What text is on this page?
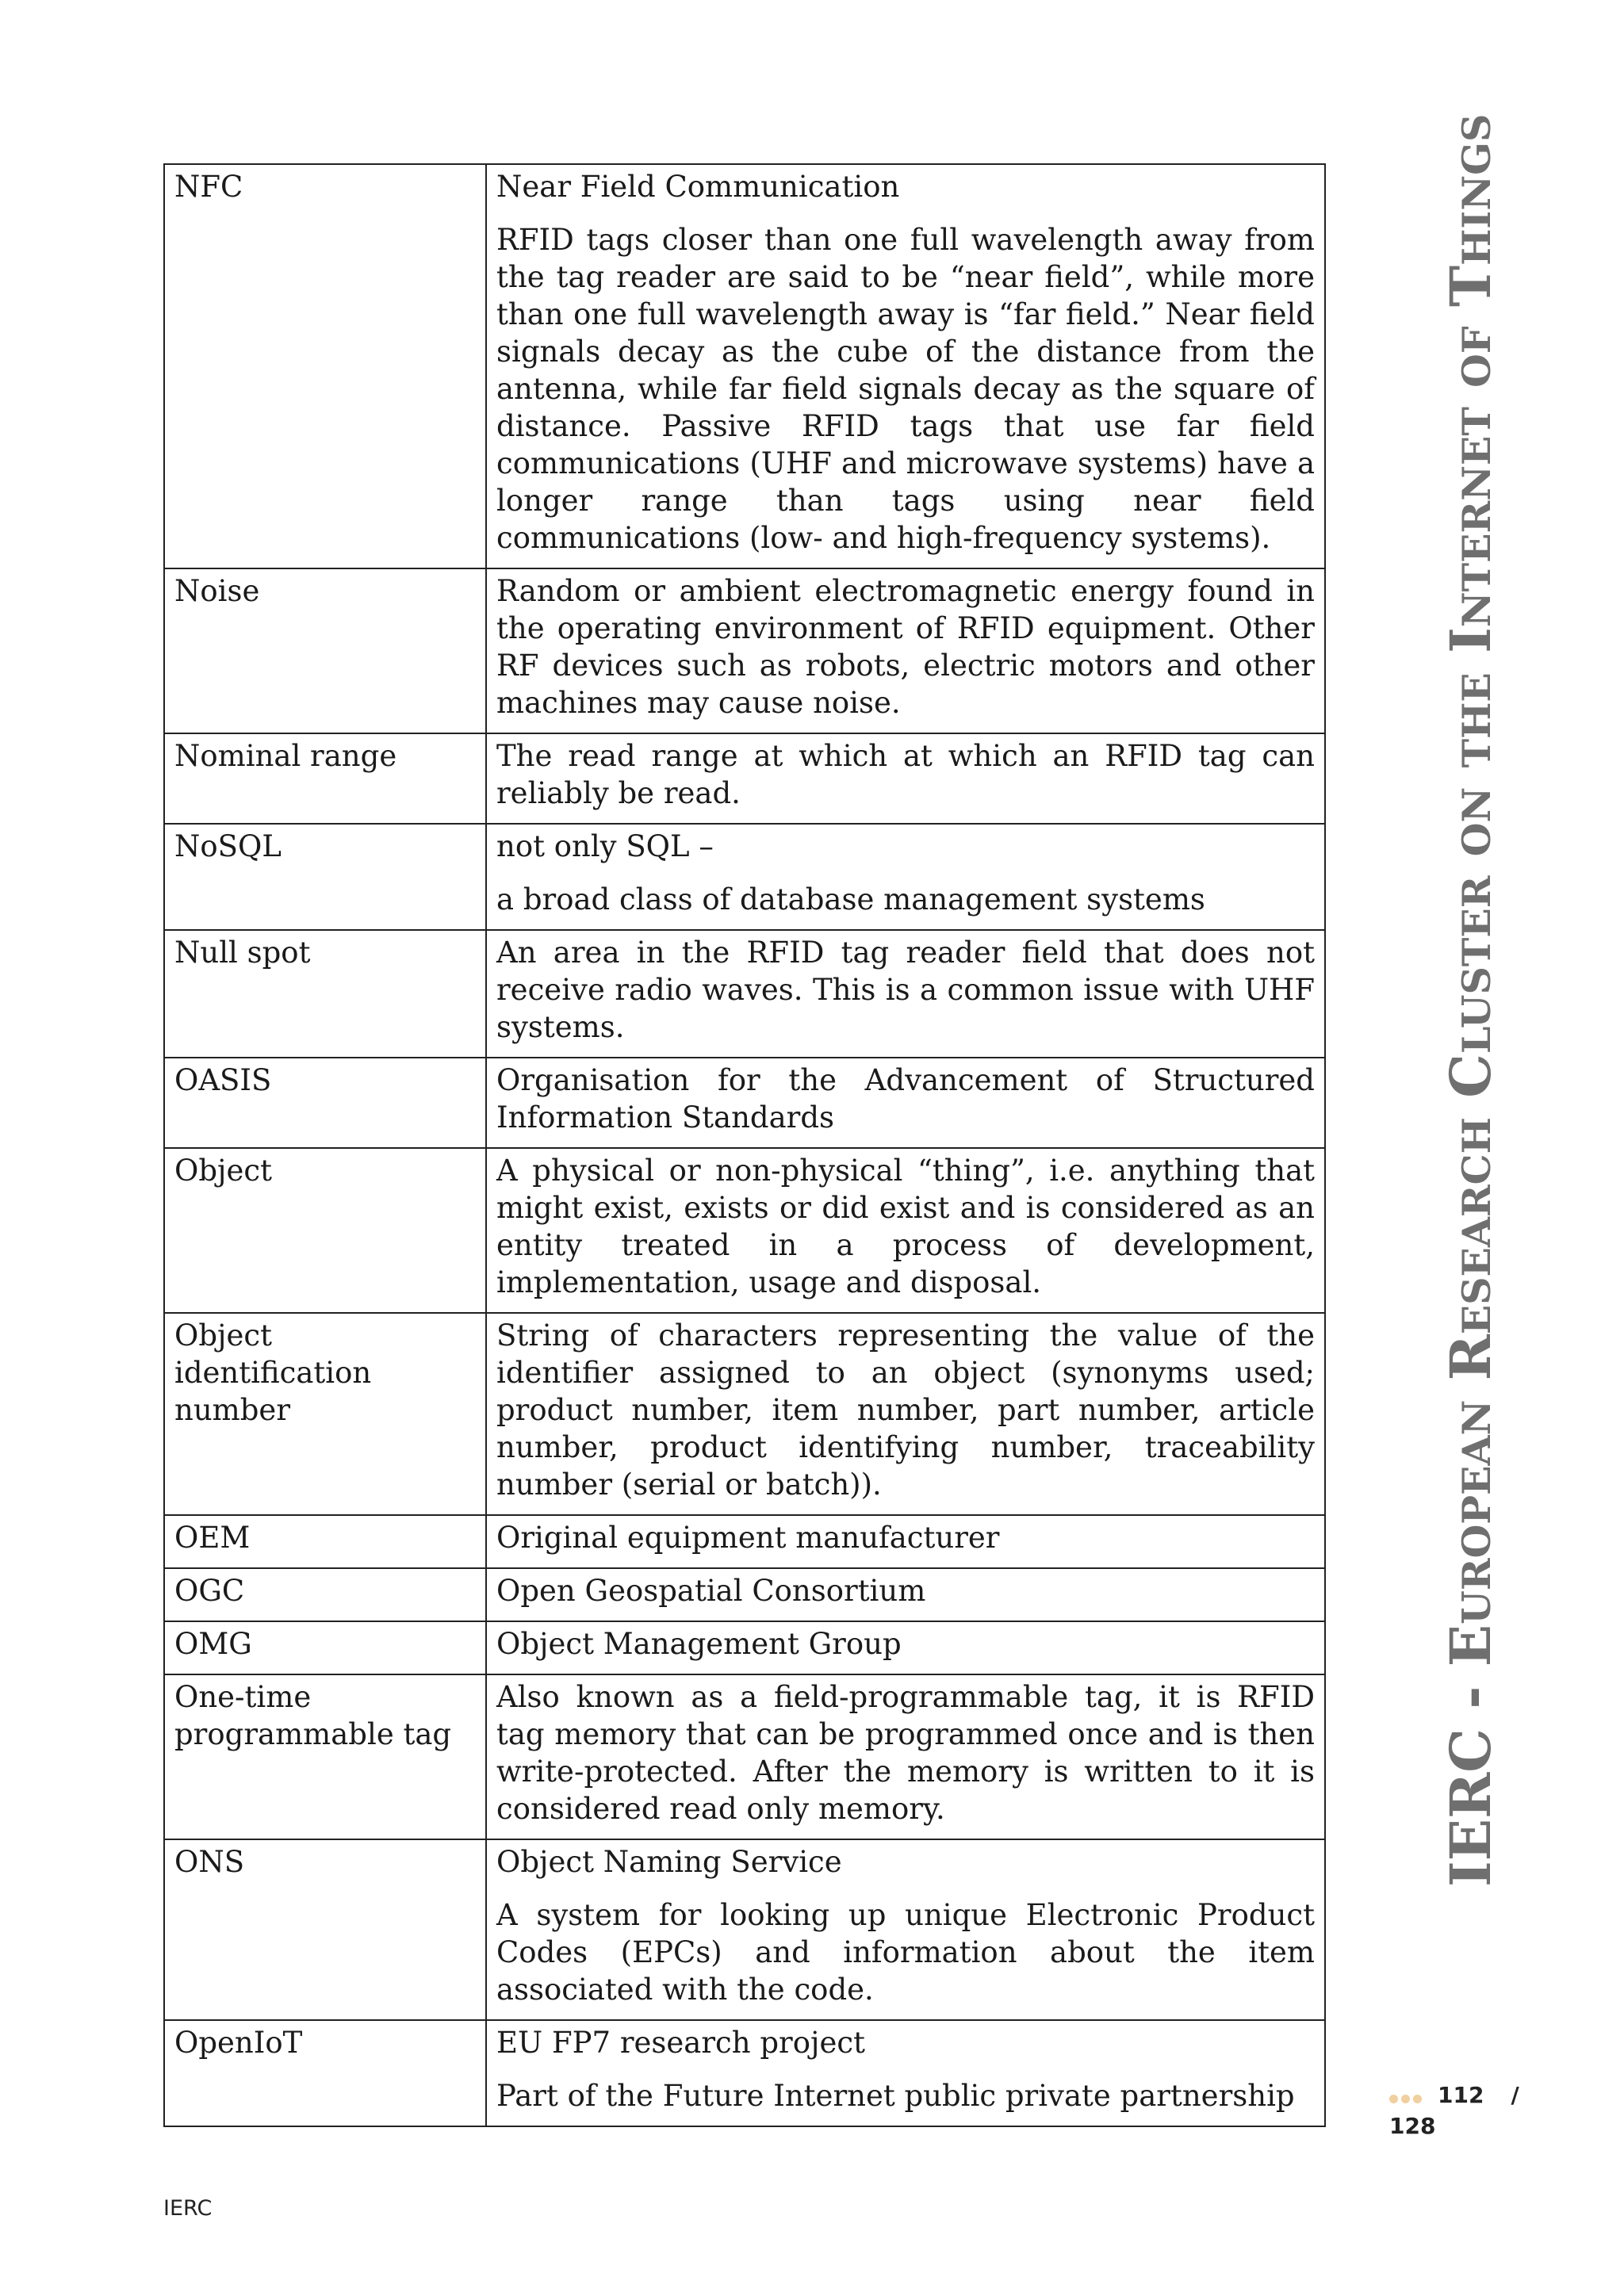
NFC	Near Field Communication

RFID tags closer than one full wavelength away from the tag reader are said to be “near field”, while more than one full wavelength away is “far field.” Near field signals decay as the cube of the distance from the antenna, while far field signals decay as the square of distance. Passive RFID tags that use far field communications (UHF and microwave systems) have a longer range than tags using near field communications (low- and high-frequency systems).

Noise	Random or ambient electromagnetic energy found in the operating environment of RFID equipment. Other RF devices such as robots, electric motors and other machines may cause noise.

Nominal range	The read range at which at which an RFID tag can reliably be read.

NoSQL	not only SQL –

a broad class of database management systems

Null spot	An area in the RFID tag reader field that does not receive radio waves. This is a common issue with UHF systems.

OASIS	Organisation for the Advancement of Structured Information Standards

Object	A physical or non-physical “thing”, i.e. anything that might exist, exists or did exist and is considered as an entity treated in a process of development, implementation, usage and disposal.

Object identification number	String of characters representing the value of the identifier assigned to an object (synonyms used; product number, item number, part number, article number, product identifying number, traceability number (serial or batch)).

OEM	Original equipment manufacturer

OGC	Open Geospatial Consortium

OMG	Object Management Group

One-time programmable tag	Also known as a field-programmable tag, it is RFID tag memory that can be programmed once and is then write-protected. After the memory is written to it is considered read only memory.

ONS	Object Naming Service

A system for looking up unique Electronic Product Codes (EPCs) and information about the item associated with the code.

OpenIoT	EU FP7 research project

Part of the Future Internet public private partnership

IERC - European Research Cluster on the Internet of Things
112 /
128
IERC
